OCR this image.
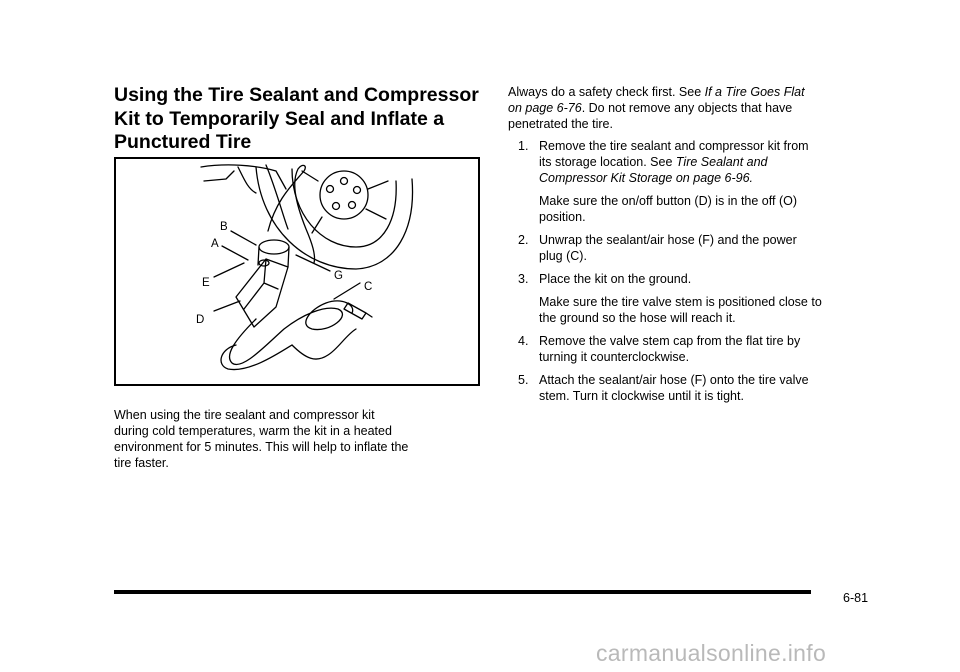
Using the Tire Sealant and Compressor
Kit to Temporarily Seal and Inflate a
Punctured Tire
B
A
E
D
G
C

When using the tire sealant and compressor kit
during cold temperatures, warm the kit in a heated
environment for 5 minutes. This will help to inflate the
tire faster.

Always do a safety check first. See If a Tire Goes Flat
on page 6-76. Do not remove any objects that have
penetrated the tire.

1. Remove the tire sealant and compressor kit from
its storage location. See Tire Sealant and
Compressor Kit Storage on page 6-96.
Make sure the on/off button (D) is in the off (O)
position.
2. Unwrap the sealant/air hose (F) and the power
plug (C).
3. Place the kit on the ground.
Make sure the tire valve stem is positioned close to
the ground so the hose will reach it.
4. Remove the valve stem cap from the flat tire by
turning it counterclockwise.
5. Attach the sealant/air hose (F) onto the tire valve
stem. Turn it clockwise until it is tight.
6-81
carmanualsonline.info
